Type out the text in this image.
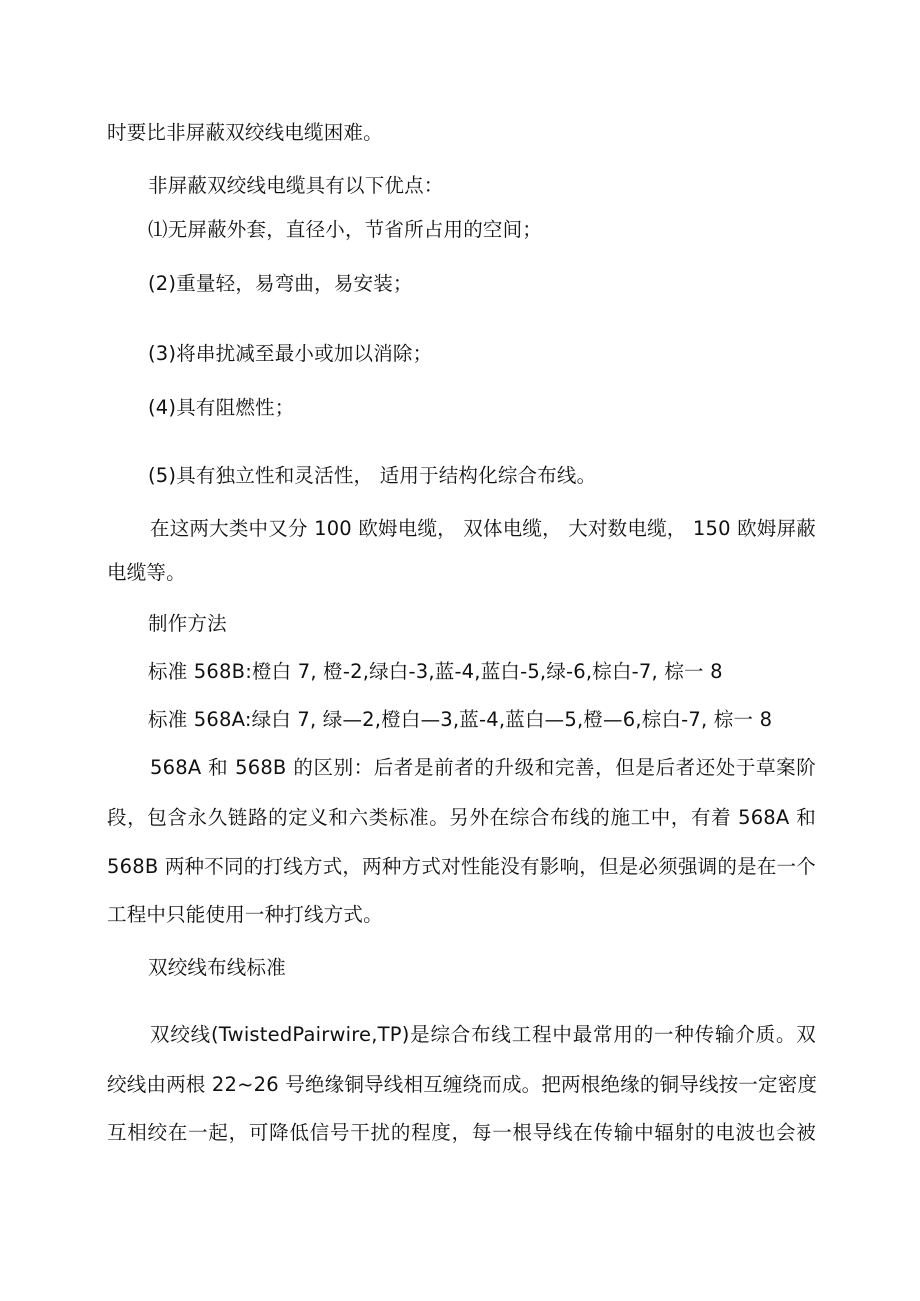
时要比非屏蔽双绞线电缆困难。
非屏蔽双绞线电缆具有以下优点：
⑴无屏蔽外套，直径小，节省所占用的空间；
(2)重量轻，易弯曲，易安装；
(3)将串扰减至最小或加以消除；
(4)具有阻燃性；
(5)具有独立性和灵活性， 适用于结构化综合布线。
在这两大类中又分 100 欧姆电缆， 双体电缆， 大对数电缆， 150 欧姆屏蔽
电缆等。
制作方法
标准 568B:橙白 7, 橙-2,绿白-3,蓝-4,蓝白-5,绿-6,棕白-7, 棕一 8
标准 568A:绿白 7, 绿—2,橙白—3,蓝-4,蓝白—5,橙—6,棕白-7, 棕一 8
568A 和 568B 的区别：后者是前者的升级和完善，但是后者还处于草案阶
段，包含永久链路的定义和六类标准。另外在综合布线的施工中，有着 568A 和
568B 两种不同的打线方式，两种方式对性能没有影响，但是必须强调的是在一个
工程中只能使用一种打线方式。
双绞线布线标准
双绞线(TwistedPairwire,TP)是综合布线工程中最常用的一种传输介质。双
绞线由两根 22~26 号绝缘铜导线相互缠绕而成。把两根绝缘的铜导线按一定密度
互相绞在一起，可降低信号干扰的程度，每一根导线在传输中辐射的电波也会被
